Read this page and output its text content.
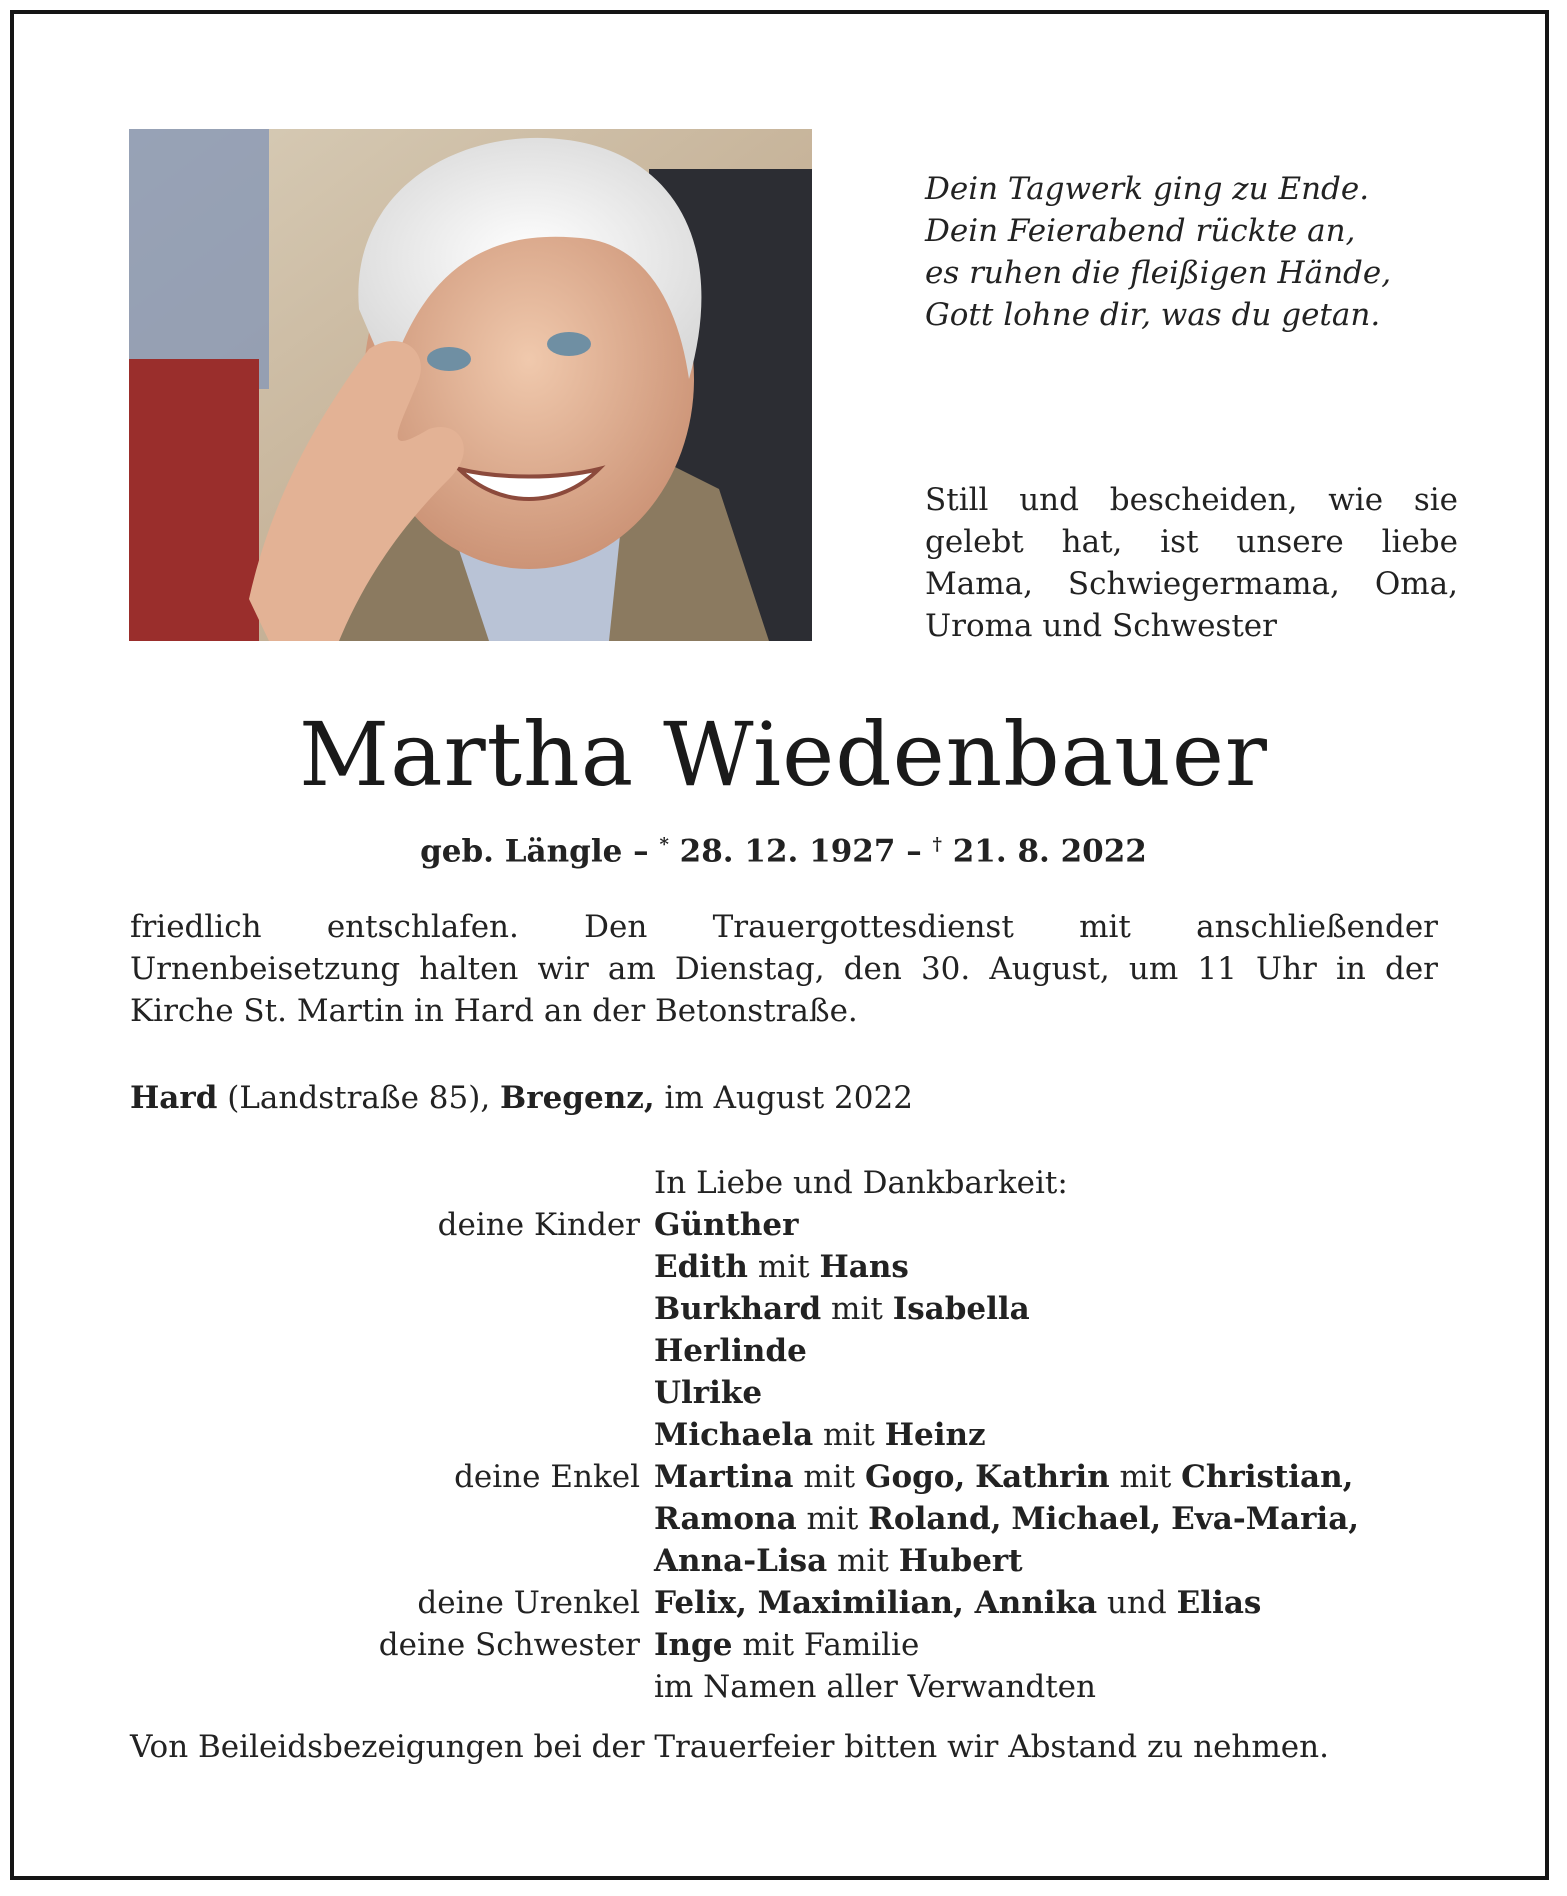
Dein Tagwerk ging zu Ende.
Dein Feierabend rückte an,
es ruhen die fleißigen Hände,
Gott lohne dir, was du getan.
Still und bescheiden, wie sie gelebt hat, ist unsere liebe Mama, Schwiegermama, Oma, Uroma und Schwester
Martha Wiedenbauer
geb. Längle – * 28. 12. 1927 – † 21. 8. 2022
friedlich entschlafen. Den Trauergottesdienst mit anschließender Urnenbeisetzung halten wir am Dienstag, den 30. August, um 11 Uhr in der Kirche St. Martin in Hard an der Betonstraße.
Hard (Landstraße 85), Bregenz, im August 2022
In Liebe und Dankbarkeit:
deine Kinder Günther
Edith mit Hans
Burkhard mit Isabella
Herlinde
Ulrike
Michaela mit Heinz
deine Enkel Martina mit Gogo, Kathrin mit Christian,
Ramona mit Roland, Michael, Eva-Maria,
Anna-Lisa mit Hubert
deine Urenkel Felix, Maximilian, Annika und Elias
deine Schwester Inge mit Familie
im Namen aller Verwandten
Von Beileidsbezeigungen bei der Trauerfeier bitten wir Abstand zu nehmen.
